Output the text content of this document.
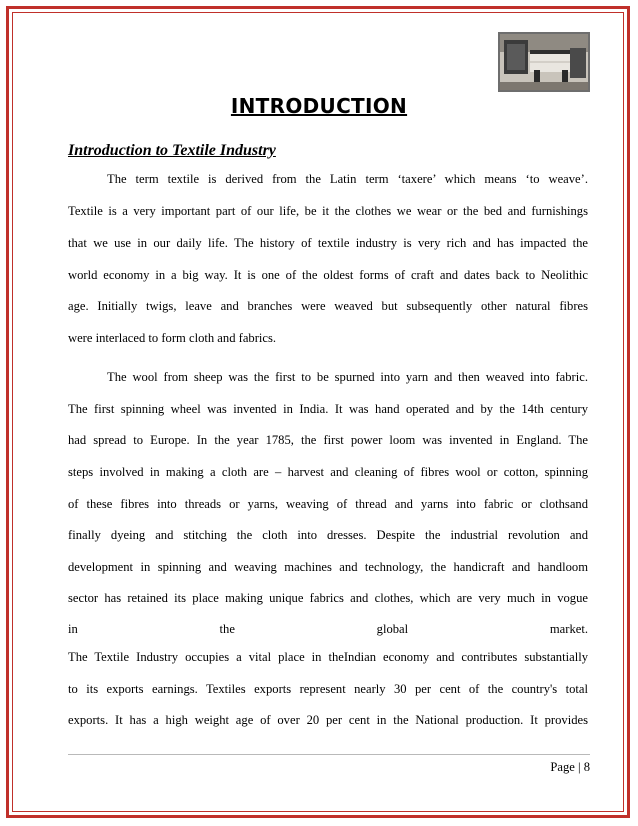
INTRODUCTION
Introduction to Textile Industry
The term textile is derived from the Latin term ‘taxere’ which means ‘to weave’.
Textile is a very important part of our life, be it the clothes we wear or the bed and furnishings
that we use in our daily life. The history of textile industry is very rich and has impacted the
world economy in a big way. It is one of the oldest forms of craft and dates back to Neolithic
age. Initially twigs, leave and branches were weaved but subsequently other natural fibres
were interlaced to form cloth and fabrics.
The wool from sheep was the first to be spurned into yarn and then weaved into fabric.
The first spinning wheel was invented in India. It was hand operated and by the 14th century
had spread to Europe. In the year 1785, the first power loom was invented in England. The
steps involved in making a cloth are – harvest and cleaning of fibres wool or cotton, spinning
of these fibres into threads or yarns, weaving of thread and yarns into fabric or clothsand
finally dyeing and stitching the cloth into dresses. Despite the industrial revolution and
development in spinning and weaving machines and technology, the handicraft and handloom
sector has retained its place making unique fabrics and clothes, which are very much in vogue
in the global market.
The Textile Industry occupies a vital place in theIndian economy and contributes substantially
to its exports earnings. Textiles exports represent nearly 30 per cent of the country's total
exports. It has a high weight age of over 20 per cent in the National production. It provides
Page | 8
